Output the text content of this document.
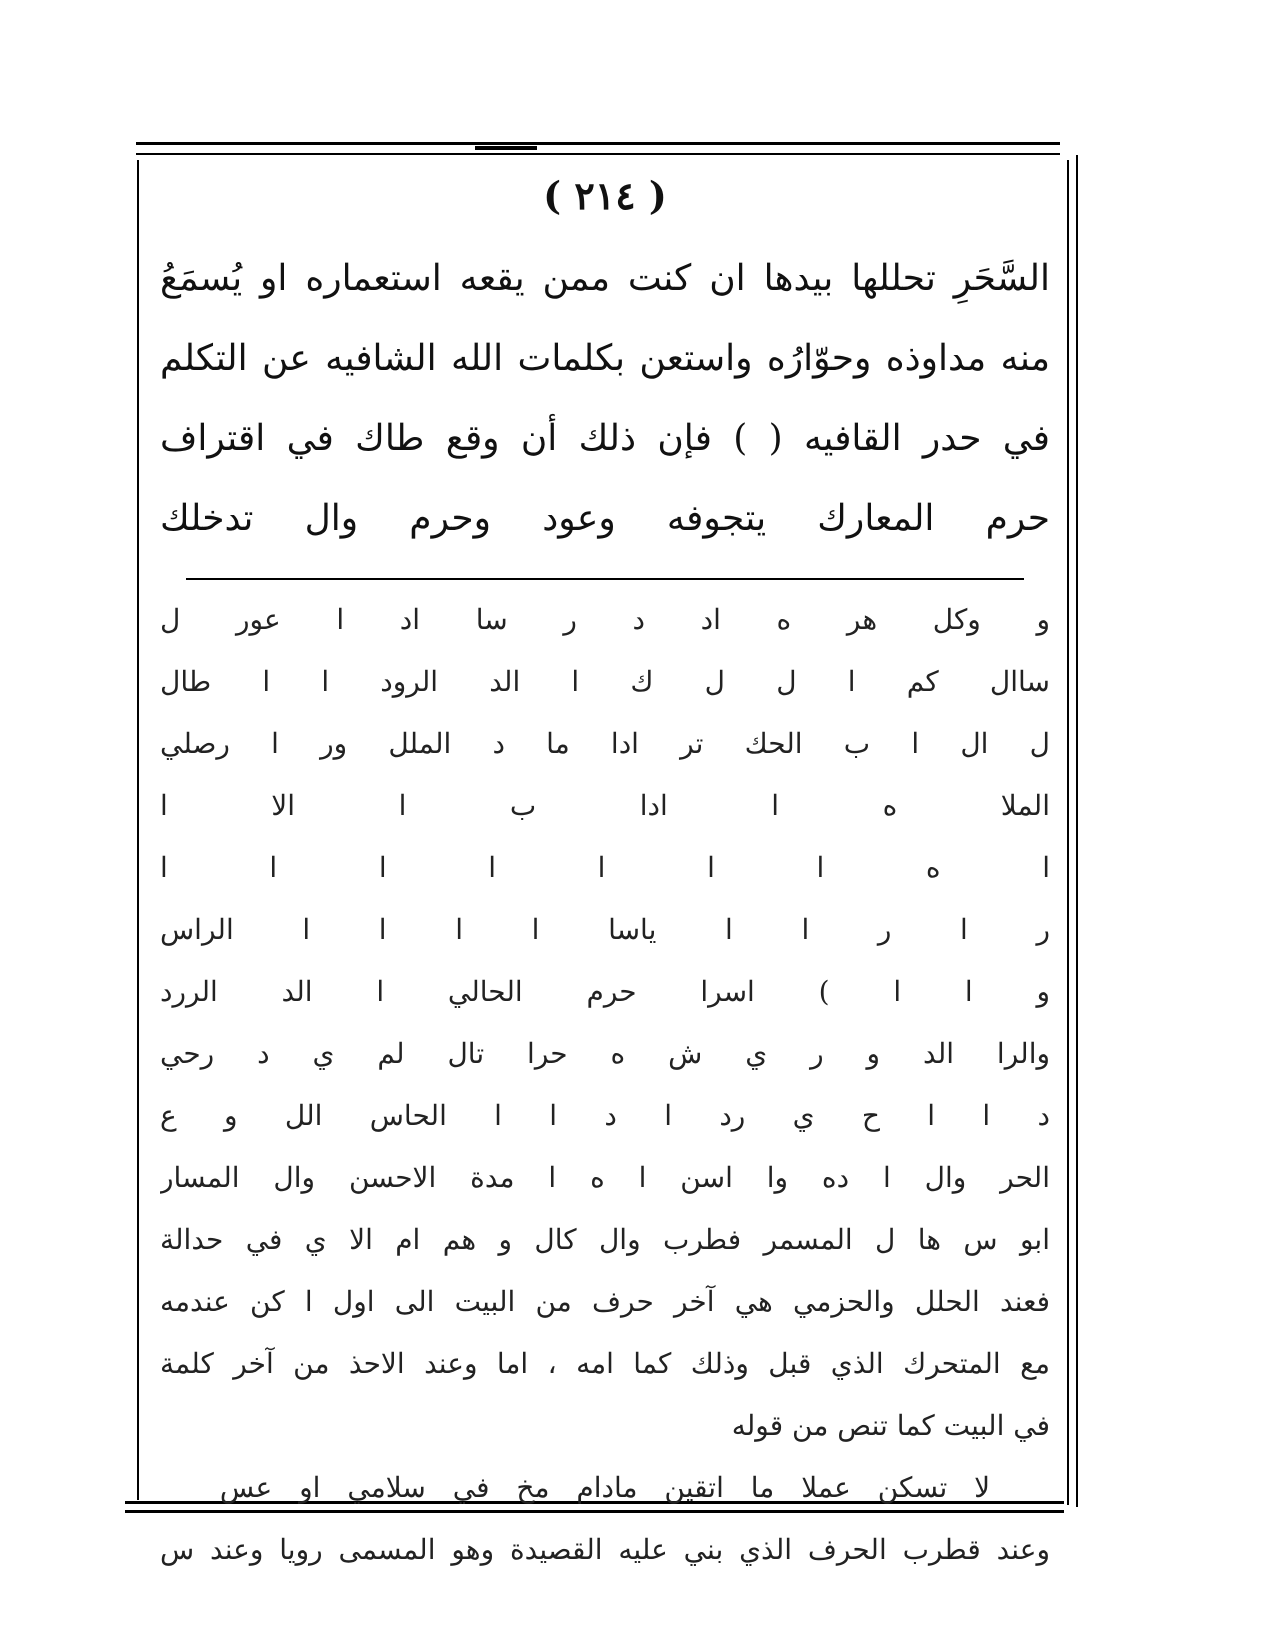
( ٢١٤ )
السَّحَرِ تحللها بيدها ان كنت ممن يقعه استعماره او يُسمَعُ
منه مداوذه وحوّارُه واستعن بكلمات الله الشافيه عن التكلم
في حدر القافيه ( ) فإن ذلك أن وقع طاك في اقتراف
حرم المعارك يتجوفه وعود وحرم وال تدخلك
و وكل هر ه اد د ر سا اد ا عور ل
ساال كم ا ل ل ك ا الد الرود ا ا طال
ل ال ا ب الحك تر ادا ما د الملل ور ا رصلي
الملا ه ا ادا ب ا الا ا
ا ه ا ا ا ا ا ا ا
ر ا ر ا ا ياسا ا ا ا ا الراس
و ا ا ) اسرا حرم الحالي ا الد الررد
والرا الد و ر ي ش ه حرا تال لم ي د رحي
د ا ا ح ي رد ا د ا ا الحاس الل و ع
الحر وال ا ده وا اسن ا ه ا مدة الاحسن وال المسار
ابو س ها ل المسمر فطرب وال كال و هم ام الا ي في حدالة
فعند الحلل والحزمي هي آخر حرف من البيت الى اول ا كن عندمه
مع المتحرك الذي قبل وذلك كما امه ، اما وعند الاحذ من آخر كلمة
في البيت كما تنص من قوله
لا تسكن عملا ما اتقين مادام مخ في سلامي او عس
وعند قطرب الحرف الذي بني عليه القصيدة وهو المسمى رويا وعند س
